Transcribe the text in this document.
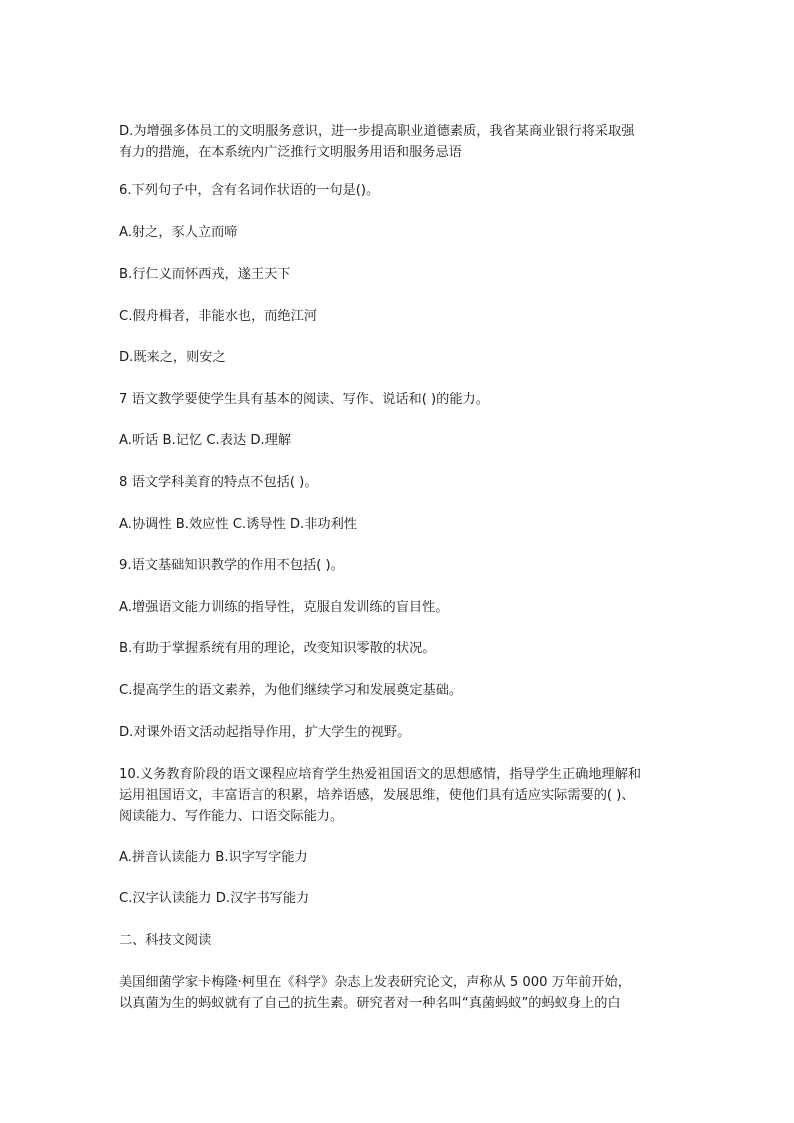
D.为增强多体员工的文明服务意识，进一步提高职业道德素质，我省某商业银行将采取强
有力的措施，在本系统内广泛推行文明服务用语和服务忌语

6.下列句子中，含有名词作状语的一句是()。

A.射之，豕人立而啼

B.行仁义而怀西戎，遂王天下

C.假舟楫者，非能水也，而绝江河

D.既来之，则安之

7 语文教学要使学生具有基本的阅读、写作、说话和( )的能力。

A.听话 B.记忆 C.表达 D.理解

8 语文学科美育的特点不包括( )。

A.协调性 B.效应性 C.诱导性 D.非功利性

9.语文基础知识教学的作用不包括( )。

A.增强语文能力训练的指导性，克服自发训练的盲目性。

B.有助于掌握系统有用的理论，改变知识零散的状况。

C.提高学生的语文素养，为他们继续学习和发展奠定基础。

D.对课外语文活动起指导作用，扩大学生的视野。

10.义务教育阶段的语文课程应培育学生热爱祖国语文的思想感情，指导学生正确地理解和
运用祖国语文，丰富语言的积累，培养语感，发展思维，使他们具有适应实际需要的( )、
阅读能力、写作能力、口语交际能力。

A.拼音认读能力 B.识字写字能力

C.汉字认读能力 D.汉字书写能力

二、科技文阅读

美国细菌学家卡梅隆·柯里在《科学》杂志上发表研究论文，声称从 5 000 万年前开始，
以真菌为生的蚂蚁就有了自己的抗生素。研究者对一种名叫“真菌蚂蚁”的蚂蚁身上的白
